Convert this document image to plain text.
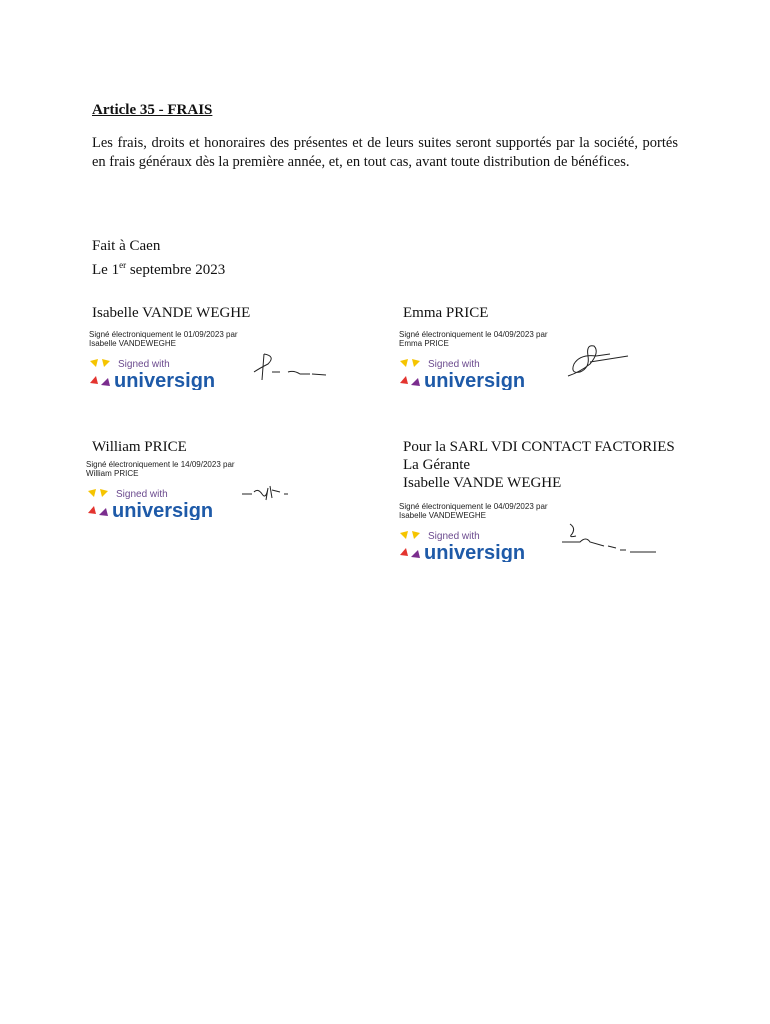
Article 35 - FRAIS
Les frais, droits et honoraires des présentes et de leurs suites seront supportés par la société, portés en frais généraux dès la première année, et, en tout cas, avant toute distribution de bénéfices.
Fait à Caen
Le 1er septembre 2023
Isabelle VANDE WEGHE
Signé électroniquement le 01/09/2023 par
Isabelle VANDEWEGHE
Signed with
universign
Emma PRICE
Signé électroniquement le 04/09/2023 par
Emma PRICE
Signed with
universign
William PRICE
Signé électroniquement le 14/09/2023 par
William PRICE
Signed with
universign
Pour la SARL VDI CONTACT FACTORIES
La Gérante
Isabelle VANDE WEGHE
Signé électroniquement le 04/09/2023 par
Isabelle VANDEWEGHE
Signed with
universign
